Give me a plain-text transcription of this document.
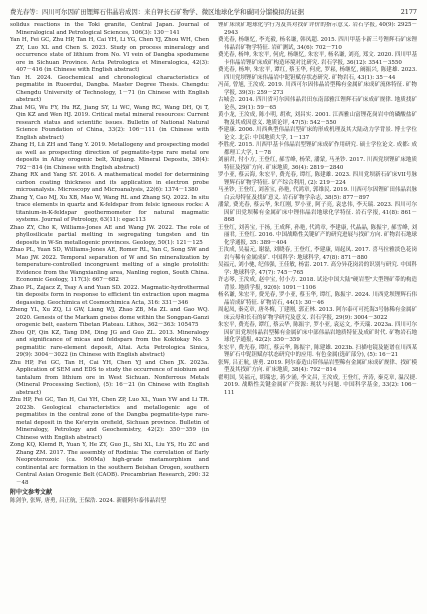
费光春等：四川可尔因矿田锂辉石伟晶岩成因：来自钾长石矿物学、微区地球化学和碳同分馏模拟的证据	2177

solidus reactions in the Toki granite, Central Japan. Journal of Mineralogical and Petrological Sciences, 106(3): 130－141

Yan H, Fei GC, Zhu HP, Tan H, Cai YH, Li YG, Chen YJ, Zhou WH, Chen ZY, Luo XL and Chen S. 2023. Study on process mineralogy and occurrence state of lithium from No. VI vein of Dangba spodumene ore in Sichuan Province. Acta Petrologica et Mineralogica, 42(3): 407－416 (in Chinese with English abstract)

Yan H. 2024. Geochemical and chronological characteristics of pegmatite in Ruoerdui, Dangba. Master Degree Thesis. Chengdu: Chengdu University of Technology, 1－71 (in Chinese with English abstract)

Zhai MG, Wu FY, Hu RZ, Jiang SY, Li WC, Wang RC, Wang DH, Qi T, Qin KZ and Wen HJ. 2019. Critical metal mineral resources: Current research status and scientific issues. Bulletin of National Natural Science Foundation of China, 33(2): 106－111 (in Chinese with English abstract)

Zhang H, Lü ZH and Tang Y. 2019. Metallogeny and prospecting model as well as prospecting direction of pegmatite-type rare metal ore deposits in Altay orogenic belt, Xinjiang. Mineral Deposits, 38(4): 792－814 (in Chinese with English abstract)

Zhang RX and Yang SY. 2016. A mathematical model for determining carbon coating thickness and its application in electron probe microanalysis. Microscopy and Microanalysis, 22(6): 1374－1380

Zhang Y, Cao MJ, Xu XB, Mao W, Wang RL and Zhang SQ. 2022. In situ trace elements in quartz and K-feldspar from felsic igneous rocks: A titanium-in-K-feldspar geothermometer for natural magmatic systems. Journal of Petrology, 63(11): egac113

Zhao ZY, Cho K, Williams-Jones AE and Wang JW. 2022. The role of phyllosilicate partial melting in segregating tungsten and tin deposits in W-Sn metallogenic provinces. Geology, 50(1): 121－125

Zhao PL, Yuan SD, Williams-Jones AE, Romer RL, Yan C, Song SW and Mao JW. 2022. Temporal separation of W and Sn mineralization by temperature-controlled incongruent melting of a single protolith: Evidence from the Wangxianling area, Nanling region, South China. Economic Geology, 117(3): 667－682

Zhao PL, Zajacz Z, Tsay A and Yuan SD. 2022. Magmatic-hydrothermal tin deposits form in response to efficient tin extraction upon magma degassing. Geochimica et Cosmochimica Acta, 316: 331－346

Zheng YL, Xu ZQ, Li GW, Liang WJ, Zhao ZB, Ma ZL and Gao WQ. 2020. Genesis of the Markam gneiss dome within the Songpan-Ganzi orogenic belt, eastern Tibetan Plateau. Lithos, 362－363: 105475

Zhou QF, Qin KZ, Tang DM, Ding JG and Guo ZL. 2013. Mineralogy and significance of micas and feldspars from the Koktokay No. 3 pegmatitic rare-element deposit, Altai. Acta Petrologica Sinica, 29(9): 3004－3022 (in Chinese with English abstract)

Zhu HP, Fei GC, Tan H, Cai YH, Chen YJ and Chen JX. 2023a. Application of SEM and EDS to study the occurrence of niobium and tantalum from lithium ore in West Sichuan. Nonferrous Metals (Mineral Processing Section), (5): 16－21 (in Chinese with English abstract)

Zhu HP, Fei GC, Tan H, Cai YH, Chen ZP, Luo XL, Yuan YW and Li TR. 2023b. Geological characteristics and metallogenic age of pegmatites in the central zone of the Dangba pegmatite-type rare-metal deposit in the Ke'eryin orefield, Sichuan province. Bulletin of Mineralogy, Petrology and Geochemistry, 42(2): 350－359 (in Chinese with English abstract)

Zong KQ, Klemd R, Yuan Y, He ZY, Guo JL, Shi XL, Liu YS, Hu ZC and Zhang ZM. 2017. The assembly of Rodinia: The correlation of Early Neoproterozoic (ca. 900Ma) high-grade metamorphism and continental arc formation in the southern Beishan Orogen, southern Central Asian Orogenic Belt (CAOB). Precambrian Research, 290: 32－48

附中文参考文献

陈剑争, 张辉, 唐勇, 吕正航, 王保浩. 2024. 新疆阿尔泰伟晶岩型

锂矿床成矿地球化学行为及其对找矿评价的指示意义. 岩石学报, 40(9): 2925－2943

费光春, 杨继忆, 李光毅, 杨名谦, 韩凤超. 2015. 四川甲基卡新三号锂辉石矿床锂伟晶岩矿物学特征. 岩矿测试, 34(6): 702－710

费光春, 杨坤, 朱宏平, 何虎, 杨继忆, 朱宏平, 杨名谦, 刘亮, 郑文. 2020. 四川甲基卡伟晶岩锂矿床成矿构造环境对比研究. 岩石学报, 36(12): 3541－3550

费光春, 杨坤, 朱宏平, 谭红, 蔡玉华, 何虎, 罗崧, 杨继忆, 阚振兴, 陈建雄. 2023. 四川党坝锂矿床伟晶岩中铌钽赋存状态研究. 矿物岩石, 43(1): 35－44

冯苗, 曾旭, 王汝成. 2019. 川西可尔因伟晶岩型稀有金属矿床成矿流体特征. 矿物学报, 39(3): 259－273

古城会. 2014. 四川省可尔因伟晶岩田东南部雅江锂辉石矿床成矿规律. 地质找矿论丛, 29(1): 59－65

黄小龙, 王汝成, 陈小明, 胡欢, 刘昌实. 2001. 江西雅山富锂花岗岩中的磷酸盐矿物及其成因意义. 地质论评, 47(5): 542－550

李建康. 2006. 川西典型伟晶岩型矿床的形成机理及其大陆动力学背景. 博士学位论文. 北京: 中国地质大学, 1－137

李胜虎. 2015. 川西甲基卡伟晶岩型锂矿床成矿作用研究. 硕士学位论文. 成都: 成都理工大学, 1－78

刘丽君, 付小方, 王登红, 郝雪峰, 杨荣, 潘蒙, 马圣钞. 2017. 川西党坝锂矿床地质特征及找矿方向. 矿床地质, 36(4): 2819－2840

罗小亚, 蔡云海, 朱宏平, 费光春, 谭红, 陈建雄. 2023. 四川党坝新石矿床VII号脉锂辉石矿物学特征. 矿产综合利用, (2): 219－224

马圣钞, 王登红, 刘善宝, 孙艳, 代鸿章, 郭维民. 2019. 川西可尔因锂矿田伟晶岩脉白云母特征及找矿意义. 岩石矿物学杂志, 38(5): 877－897

潘蒙, 费光春, 蔡云华, 朱红刚, 罗小亚, 阿子亮, 袁忠伟, 李天瑞. 2023. 四川可尔因矿田党坝稀有金属矿床中锂伟晶岩地球化学特征. 岩石学报, 41(8): 861－868

王登红, 刘善宝, 于扬, 王成辉, 孙艳, 代鸿章, 李建康, 代晶晶, 陈振宇, 郝雪峰, 刘丽君, 王登红. 2016. 中国战略性关键矿产的研究进展与找矿方向. 矿物岩石地球化学通报, 35: 389－404

王汝成, 吴福元, 谢磊, 刘晓春, 王登红, 李建康, 周起凤. 2017. 喜马拉雅淡色花岗岩与稀有金属成矿. 中国科学: 地球科学, 47(8): 871－880

吴福元, 刘小驰, 纪伟强, 王佳敏, 杨雷. 2017. 高分异花岗岩的识别与研究. 中国科学: 地球科学, 47(7): 745－765

许志琴, 王汝成, 赵中宝, 付小方. 2018. 试论中国大陆"硬岩型"大型锂矿带的构造背景. 地质学报, 92(6): 1091－1106

杨名谦, 朱宏平, 费光春, 罗小亚, 蔡玉华, 谭红, 陈振宇. 2024. 川西党坝锂辉石伟晶岩成矿特征. 矿物岩石, 44(1): 30－46

周起凤, 秦克章, 唐冬梅, 丁建刚, 郭正林. 2013. 阿尔泰可可托海3号脉稀有金属矿床云母和长石的矿物学研究及意义. 岩石学报, 29(9): 3004－3022

朱宏平, 费光春, 谭红, 蔡云华, 陈振宇, 罗小亚, 袁运文, 李天瑞. 2023a. 四川可尔因矿田党坝伟晶岩型稀有金属矿床中部伟晶岩地质特征及成矿时代. 矿物岩石地球化学通报, 42(2): 350－359

朱宏平, 费光春, 谭红, 蔡云华, 陈振宇, 陈建雄. 2023b. 扫描电镜及能谱在川西某锂矿石中铌钽赋存状态研究中的应用. 有色金属(选矿部分), (5): 16－21

张辉, 吕正航, 唐勇. 2019. 阿尔泰造山带伟晶岩型稀有金属矿床成矿规律、找矿模型及其找矿方向. 矿床地质, 38(4): 792－814

翟明国, 吴福元, 胡瑞忠, 蒋少涌, 李文昌, 王汝成, 王登红, 齐涛, 秦克章, 温汉捷. 2019. 战略性关键金属矿产资源: 现状与问题. 中国科学基金, 33(2): 106－111
